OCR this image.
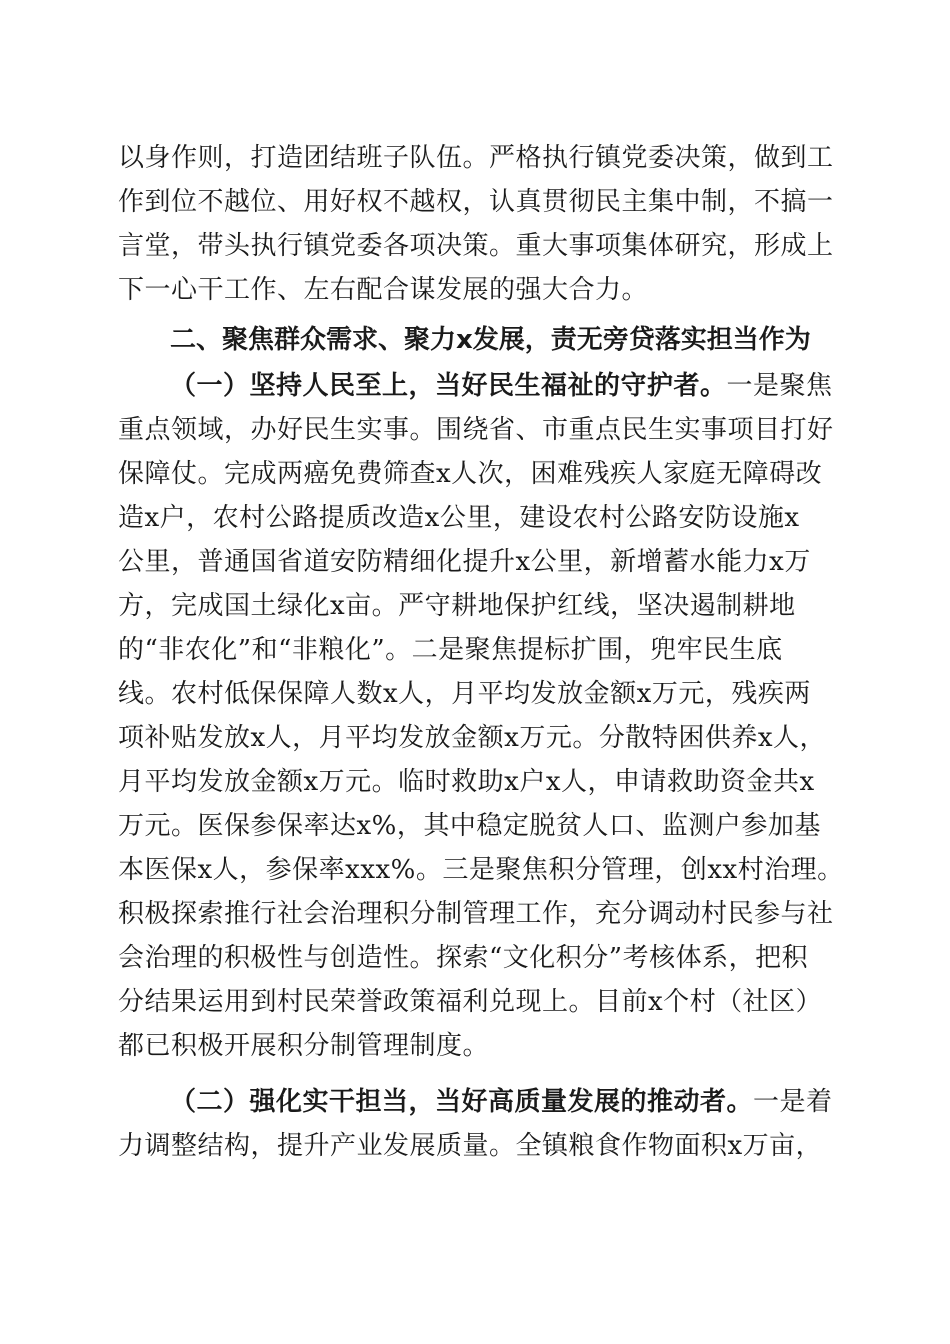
以身作则，打造团结班子队伍。严格执行镇党委决策，做到工
作到位不越位、用好权不越权，认真贯彻民主集中制，不搞一
言堂，带头执行镇党委各项决策。重大事项集体研究，形成上
下一心干工作、左右配合谋发展的强大合力。
二、聚焦群众需求、聚力x发展，责无旁贷落实担当作为
（一）坚持人民至上，当好民生福祉的守护者。一是聚焦
重点领域，办好民生实事。围绕省、市重点民生实事项目打好
保障仗。完成两癌免费筛查x人次，困难残疾人家庭无障碍改
造x户，农村公路提质改造x公里，建设农村公路安防设施x
公里，普通国省道安防精细化提升x公里，新增蓄水能力x万
方，完成国土绿化x亩。严守耕地保护红线，坚决遏制耕地
的“非农化”和“非粮化”。二是聚焦提标扩围，兜牢民生底
线。农村低保保障人数x人，月平均发放金额x万元，残疾两
项补贴发放x人，月平均发放金额x万元。分散特困供养x人，
月平均发放金额x万元。临时救助x户x人，申请救助资金共x
万元。医保参保率达x%，其中稳定脱贫人口、监测户参加基
本医保x人，参保率xxx%。三是聚焦积分管理，创xx村治理。
积极探索推行社会治理积分制管理工作，充分调动村民参与社
会治理的积极性与创造性。探索“文化积分”考核体系，把积
分结果运用到村民荣誉政策福利兑现上。目前x个村（社区）
都已积极开展积分制管理制度。
（二）强化实干担当，当好高质量发展的推动者。一是着
力调整结构，提升产业发展质量。全镇粮食作物面积x万亩，
